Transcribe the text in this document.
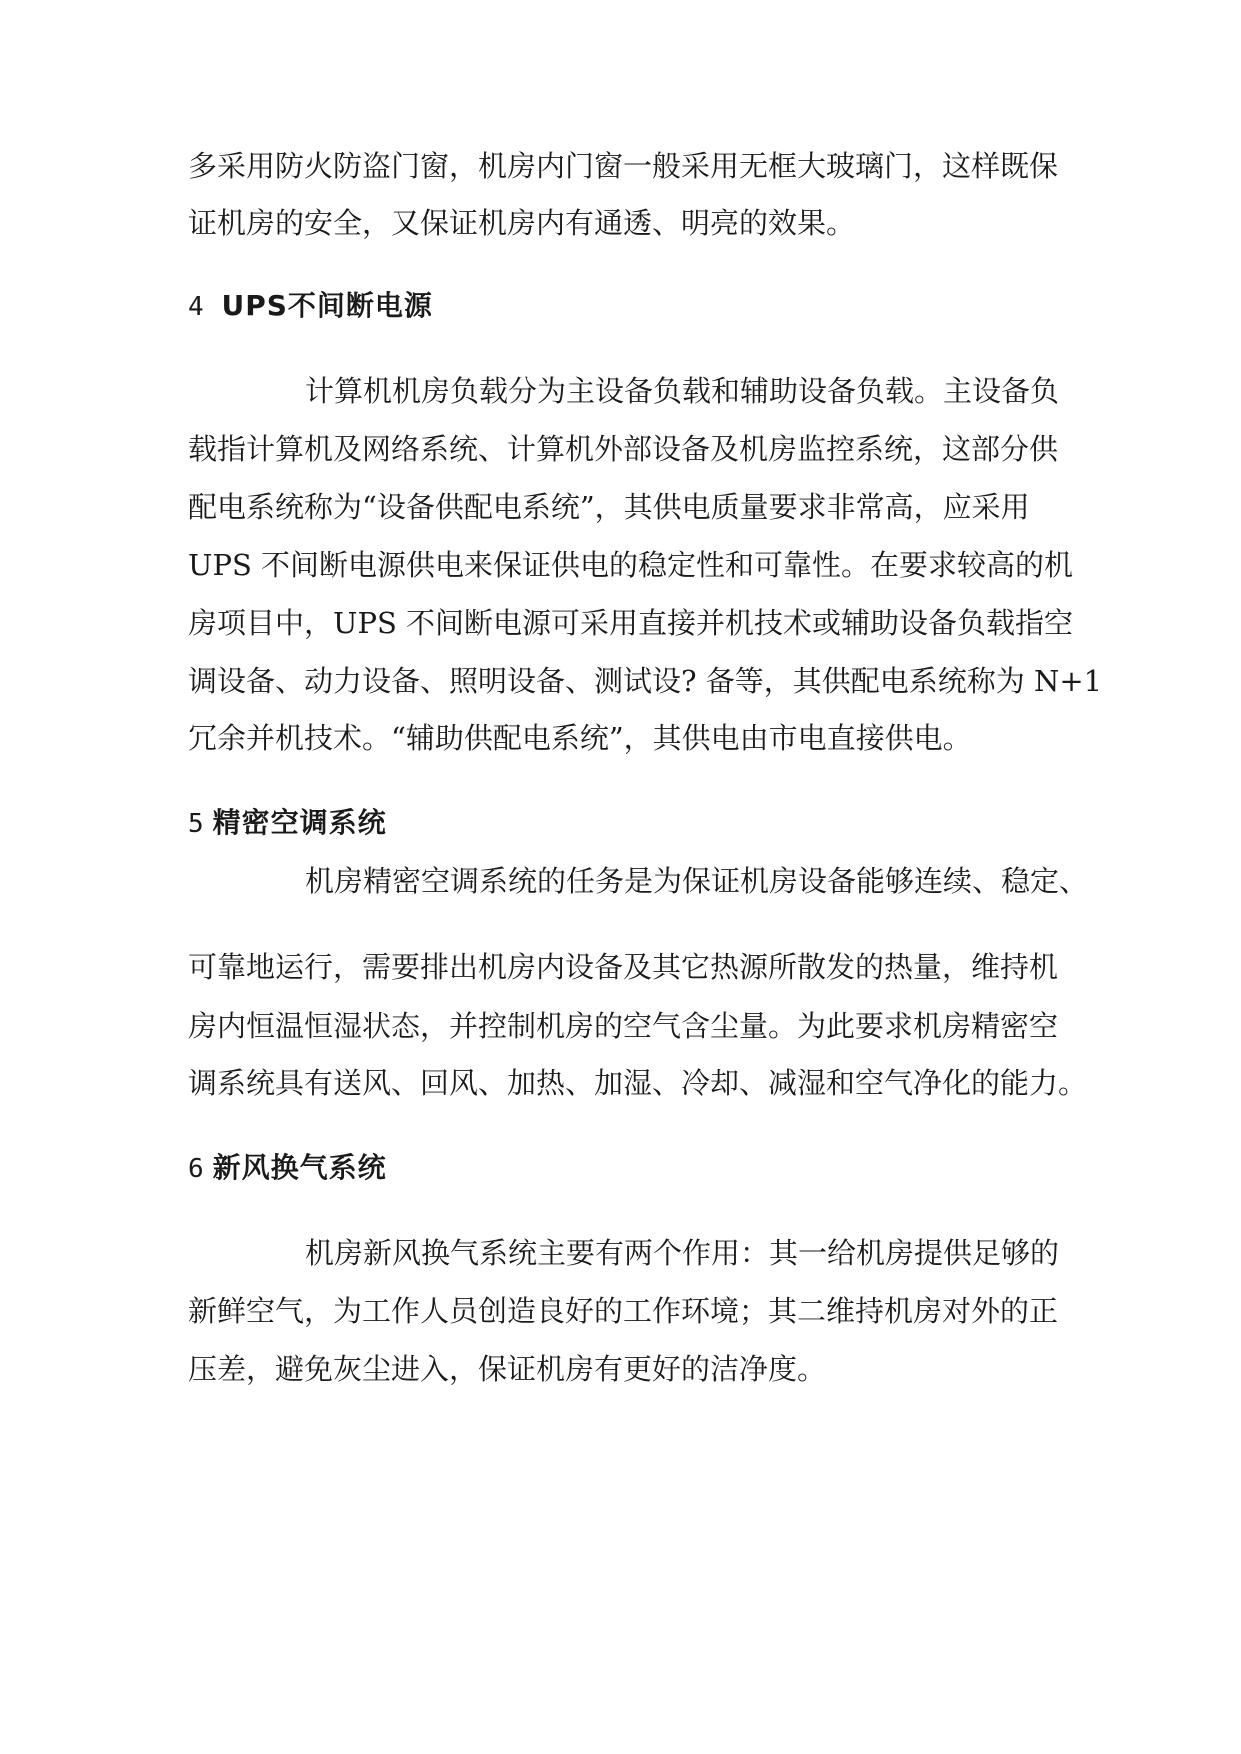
多采用防火防盗门窗，机房内门窗一般采用无框大玻璃门，这样既保
证机房的安全，又保证机房内有通透、明亮的效果。
4 UPS不间断电源
计算机机房负载分为主设备负载和辅助设备负载。主设备负
载指计算机及网络系统、计算机外部设备及机房监控系统，这部分供
配电系统称为“设备供配电系统”，其供电质量要求非常高，应采用
UPS 不间断电源供电来保证供电的稳定性和可靠性。在要求较高的机
房项目中，UPS 不间断电源可采用直接并机技术或辅助设备负载指空
调设备、动力设备、照明设备、测试设? 备等，其供配电系统称为 N+1
冗余并机技术。“辅助供配电系统”，其供电由市电直接供电。
5 精密空调系统
机房精密空调系统的任务是为保证机房设备能够连续、稳定、
可靠地运行，需要排出机房内设备及其它热源所散发的热量，维持机
房内恒温恒湿状态，并控制机房的空气含尘量。为此要求机房精密空
调系统具有送风、回风、加热、加湿、冷却、减湿和空气净化的能力。
6 新风换气系统
机房新风换气系统主要有两个作用：其一给机房提供足够的
新鲜空气，为工作人员创造良好的工作环境；其二维持机房对外的正
压差，避免灰尘进入，保证机房有更好的洁净度。
